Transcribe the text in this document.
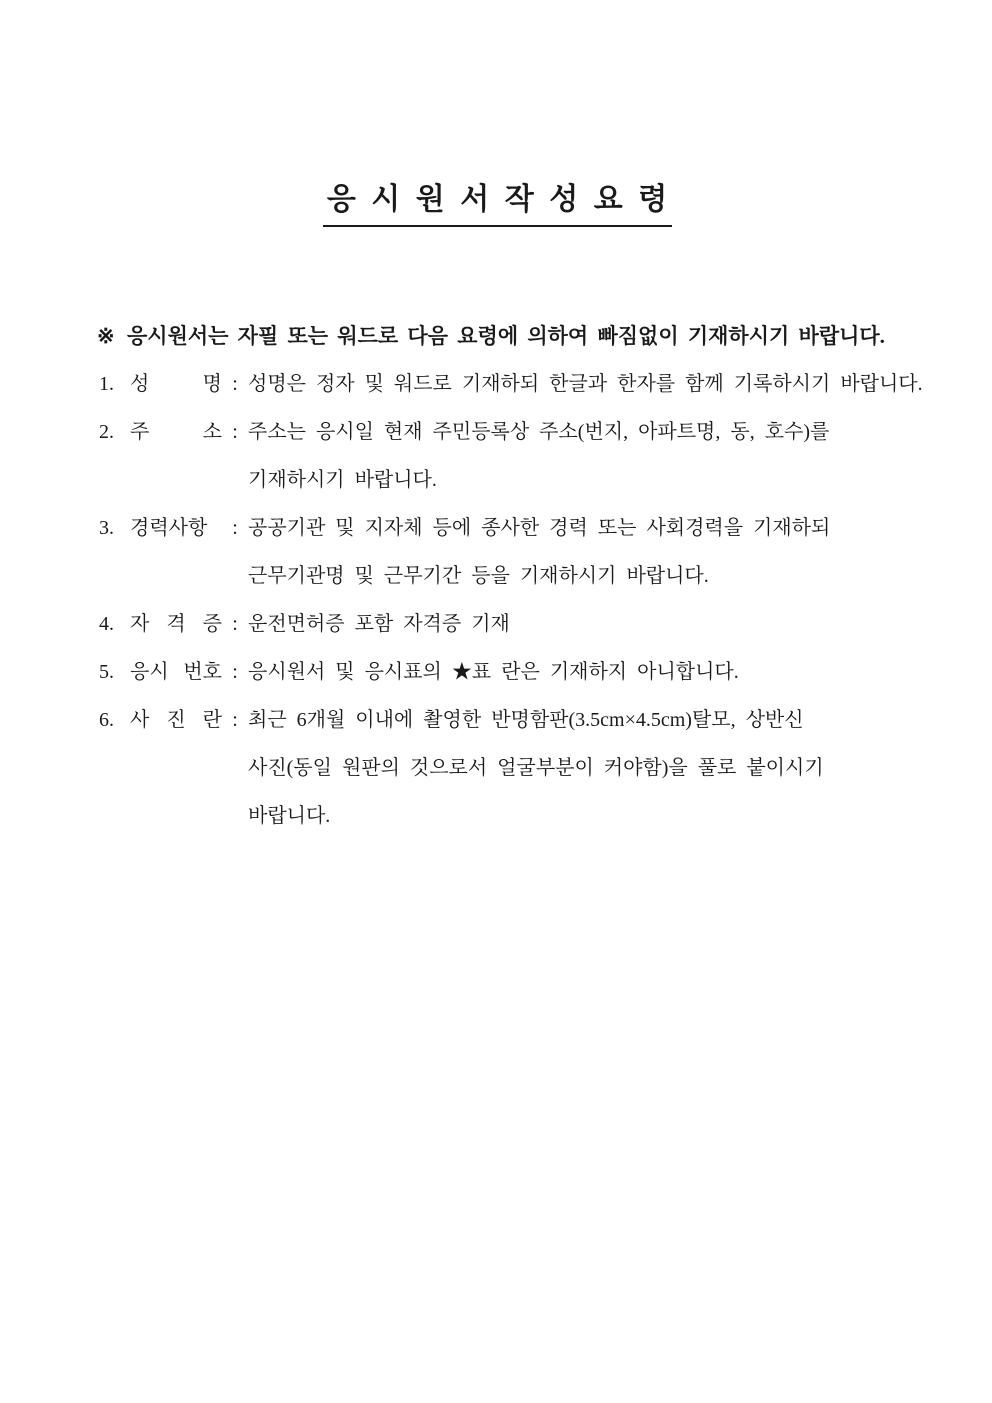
응 시 원 서 작 성 요 령
※ 응시원서는 자필 또는 워드로 다음 요령에 의하여 빠짐없이 기재하시기 바랍니다.
1. 성 명 : 성명은 정자 및 워드로 기재하되 한글과 한자를 함께 기록하시기 바랍니다.
2. 주 소 : 주소는 응시일 현재 주민등록상 주소(번지, 아파트명, 동, 호수)를
기재하시기 바랍니다.
3. 경력사항	: 공공기관 및 지자체 등에 종사한 경력 또는 사회경력을 기재하되
근무기관명 및 근무기간 등을 기재하시기 바랍니다.
4. 자 격 증 : 운전면허증 포함 자격증 기재
5. 응시 번호 : 응시원서 및 응시표의 ★표 란은 기재하지 아니합니다.
6. 사 진 란 : 최근 6개월 이내에 촬영한 반명함판(3.5cm×4.5cm)탈모, 상반신
사진(동일 원판의 것으로서 얼굴부분이 커야함)을 풀로 붙이시기
바랍니다.
